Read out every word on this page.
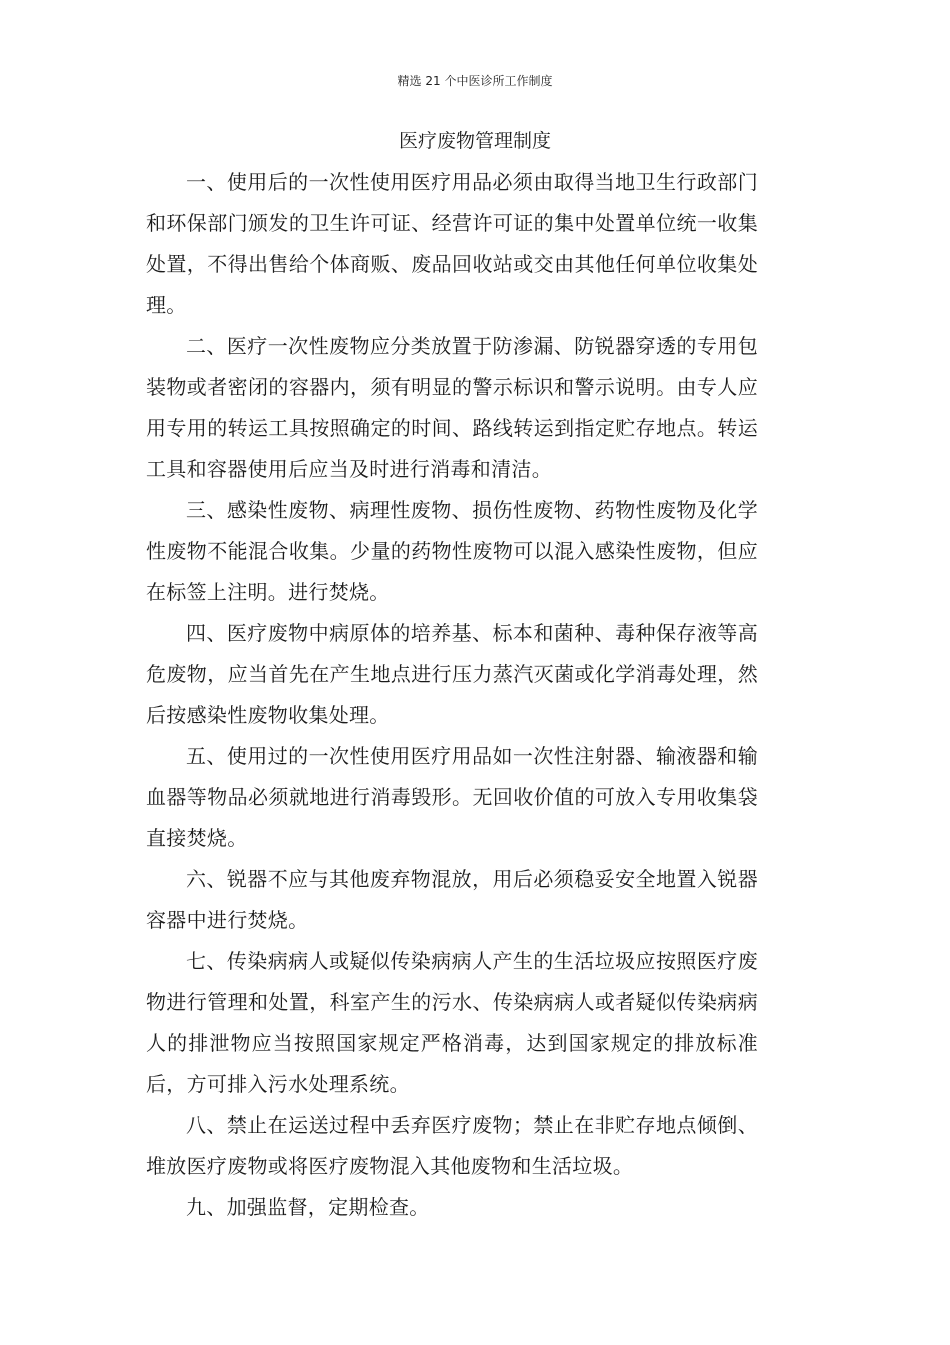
精选 21 个中医诊所工作制度
医疗废物管理制度

一、使用后的一次性使用医疗用品必须由取得当地卫生行政部门和环保部门颁发的卫生许可证、经营许可证的集中处置单位统一收集处置，不得出售给个体商贩、废品回收站或交由其他任何单位收集处理。

二、医疗一次性废物应分类放置于防渗漏、防锐器穿透的专用包装物或者密闭的容器内，须有明显的警示标识和警示说明。由专人应用专用的转运工具按照确定的时间、路线转运到指定贮存地点。转运工具和容器使用后应当及时进行消毒和清洁。

三、感染性废物、病理性废物、损伤性废物、药物性废物及化学性废物不能混合收集。少量的药物性废物可以混入感染性废物，但应在标签上注明。进行焚烧。

四、医疗废物中病原体的培养基、标本和菌种、毒种保存液等高危废物，应当首先在产生地点进行压力蒸汽灭菌或化学消毒处理，然后按感染性废物收集处理。

五、使用过的一次性使用医疗用品如一次性注射器、输液器和输血器等物品必须就地进行消毒毁形。无回收价值的可放入专用收集袋直接焚烧。

六、锐器不应与其他废弃物混放，用后必须稳妥安全地置入锐器容器中进行焚烧。

七、传染病病人或疑似传染病病人产生的生活垃圾应按照医疗废物进行管理和处置，科室产生的污水、传染病病人或者疑似传染病病人的排泄物应当按照国家规定严格消毒，达到国家规定的排放标准后，方可排入污水处理系统。

八、禁止在运送过程中丢弃医疗废物；禁止在非贮存地点倾倒、堆放医疗废物或将医疗废物混入其他废物和生活垃圾。

九、加强监督，定期检查。
